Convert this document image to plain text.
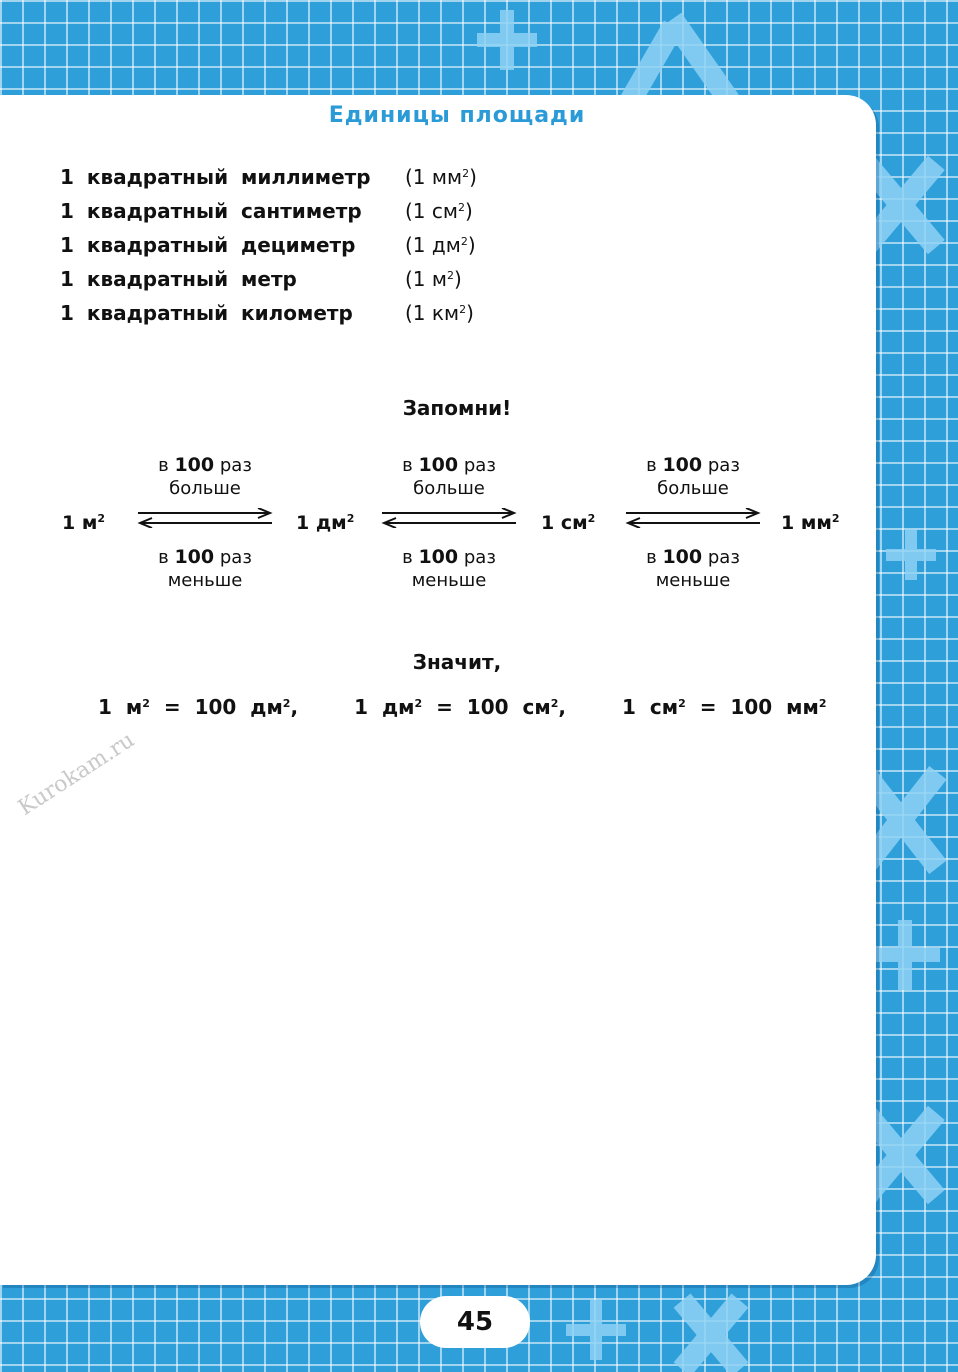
Единицы площади
1 квадратный миллиметр	(1 $мм^2$)
1 квадратный сантиметр	(1 $см^2$)
1 квадратный дециметр	(1 $дм^2$)
1 квадратный метр	(1 $м^2$)
1 квадратный километр	(1 $км^2$)
Запомни!
1 $м^2$	1 $дм^2$	1 $см^2$	1 $мм^2$
в 100 раз
больше
в 100 раз
меньше
в 100 раз
больше
в 100 раз
меньше
в 100 раз
больше
в 100 раз
меньше
Значит,
1 $м^2 = 100$ $дм^2$,	1 $дм^2 = 100$ $см^2$,	1 $см^2 = 100$ $мм^2$
Kurokam.ru
45
